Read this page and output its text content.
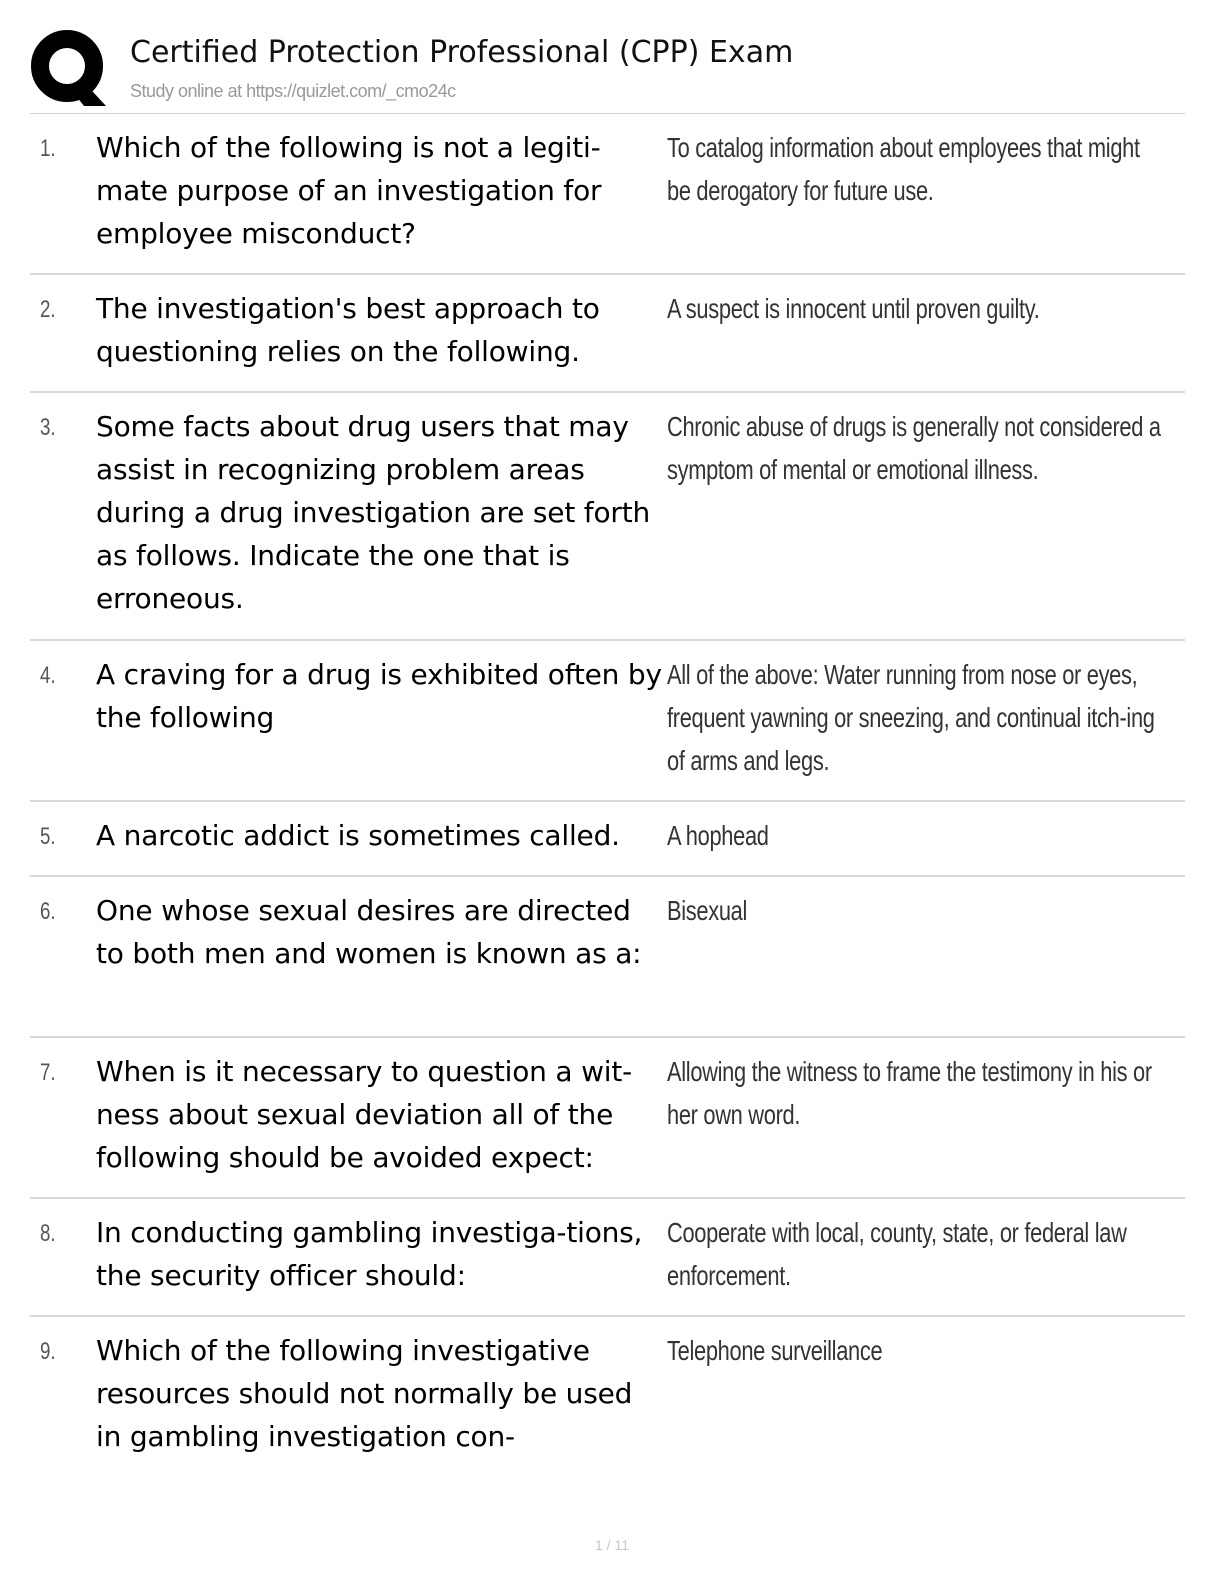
Certified Protection Professional (CPP) Exam
Study online at https://quizlet.com/_cmo24c
1. Which of the following is not a legiti-mate purpose of an investigation for employee misconduct?
To catalog information about employees that might be derogatory for future use.
2. The investigation's best approach to questioning relies on the following.
A suspect is innocent until proven guilty.
3. Some facts about drug users that may assist in recognizing problem areas during a drug investigation are set forth as follows. Indicate the one that is erroneous.
Chronic abuse of drugs is generally not considered a symptom of mental or emotional illness.
4. A craving for a drug is exhibited often by the following
All of the above: Water running from nose or eyes, frequent yawning or sneezing, and continual itch-ing of arms and legs.
5. A narcotic addict is sometimes called.	A hophead
6. One whose sexual desires are directed to both men and women is known as a:
Bisexual
7. When is it necessary to question a wit-ness about sexual deviation all of the following should be avoided expect:
Allowing the witness to frame the testimony in his or her own word.
8. In conducting gambling investiga-tions, the security officer should:
Cooperate with local, county, state, or federal law enforcement.
9. Which of the following investigative resources should not normally be used in gambling investigation con-
Telephone surveillance
1 / 11
